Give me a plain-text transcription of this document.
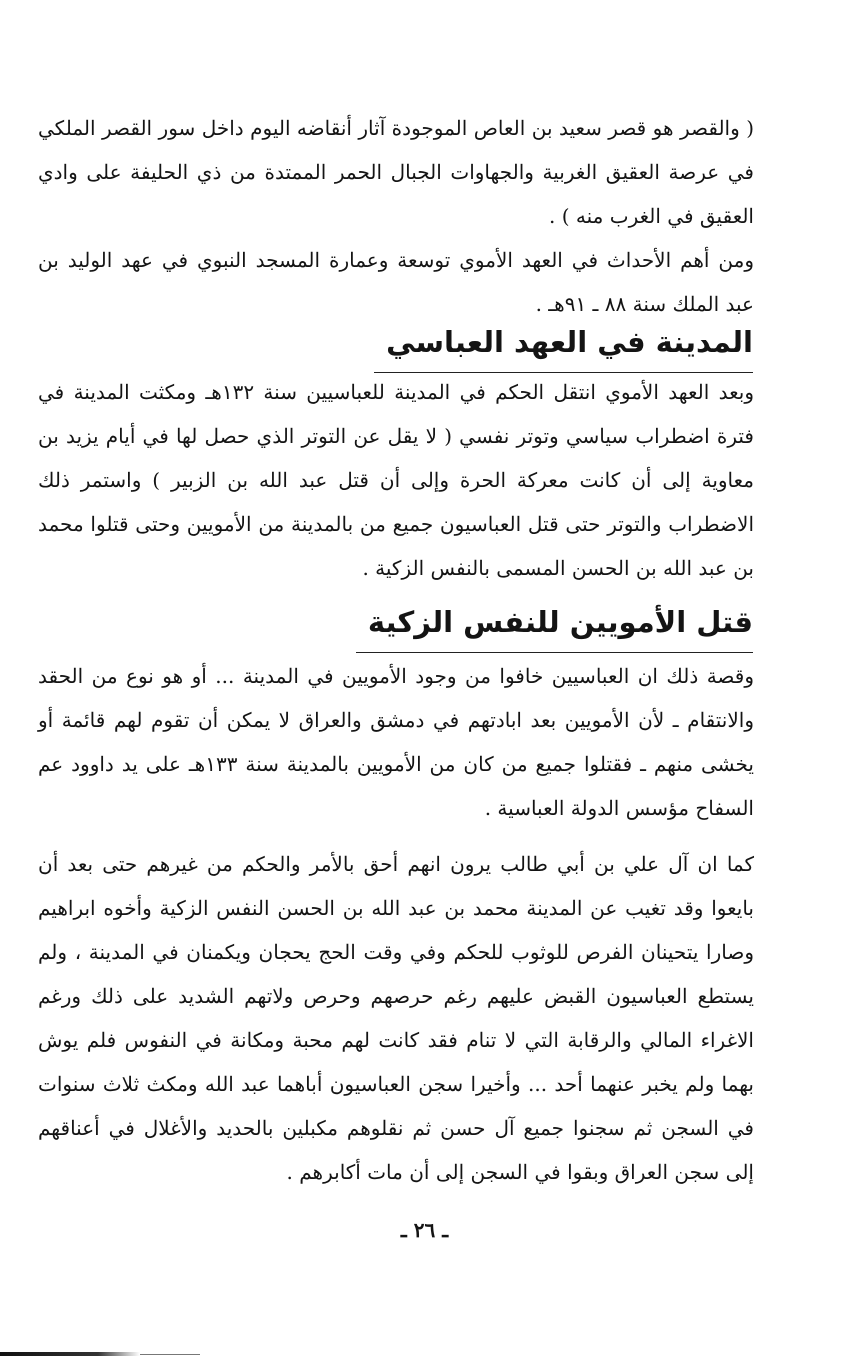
( والقصر هو قصر سعيد بن العاص الموجودة آثار أنقاضه اليوم داخل سور القصر الملكي في عرصة العقيق الغربية والجهاوات الجبال الحمر الممتدة من ذي الحليفة على وادي العقيق في الغرب منه ) .

ومن أهم الأحداث في العهد الأموي توسعة وعمارة المسجد النبوي في عهد الوليد بن عبد الملك سنة ٨٨ ـ ٩١هـ .

المدينة في العهد العباسي

وبعد العهد الأموي انتقل الحكم في المدينة للعباسيين سنة ١٣٢هـ ومكثت المدينة في فترة اضطراب سياسي وتوتر نفسي ( لا يقل عن التوتر الذي حصل لها في أيام يزيد بن معاوية إلى أن كانت معركة الحرة وإلى أن قتل عبد الله بن الزبير ) واستمر ذلك الاضطراب والتوتر حتى قتل العباسيون جميع من بالمدينة من الأمويين وحتى قتلوا محمد بن عبد الله بن الحسن المسمى بالنفس الزكية .

قتل الأمويين للنفس الزكية

وقصة ذلك ان العباسيين خافوا من وجود الأمويين في المدينة ... أو هو نوع من الحقد والانتقام ـ لأن الأمويين بعد ابادتهم في دمشق والعراق لا يمكن أن تقوم لهم قائمة أو يخشى منهم ـ فقتلوا جميع من كان من الأمويين بالمدينة سنة ١٣٣هـ على يد داوود عم السفاح مؤسس الدولة العباسية .

كما ان آل علي بن أبي طالب يرون انهم أحق بالأمر والحكم من غيرهم حتى بعد أن بايعوا وقد تغيب عن المدينة محمد بن عبد الله بن الحسن النفس الزكية وأخوه ابراهيم وصارا يتحينان الفرص للوثوب للحكم وفي وقت الحج يحجان ويكمنان في المدينة ، ولم يستطع العباسيون القبض عليهم رغم حرصهم وحرص ولاتهم الشديد على ذلك ورغم الاغراء المالي والرقابة التي لا تنام فقد كانت لهم محبة ومكانة في النفوس فلم يوش بهما ولم يخبر عنهما أحد ... وأخيرا سجن العباسيون أباهما عبد الله ومكث ثلاث سنوات في السجن ثم سجنوا جميع آل حسن ثم نقلوهم مكبلين بالحديد والأغلال في أعناقهم إلى سجن العراق وبقوا في السجن إلى أن مات أكابرهم .

ـ ٢٦ ـ
